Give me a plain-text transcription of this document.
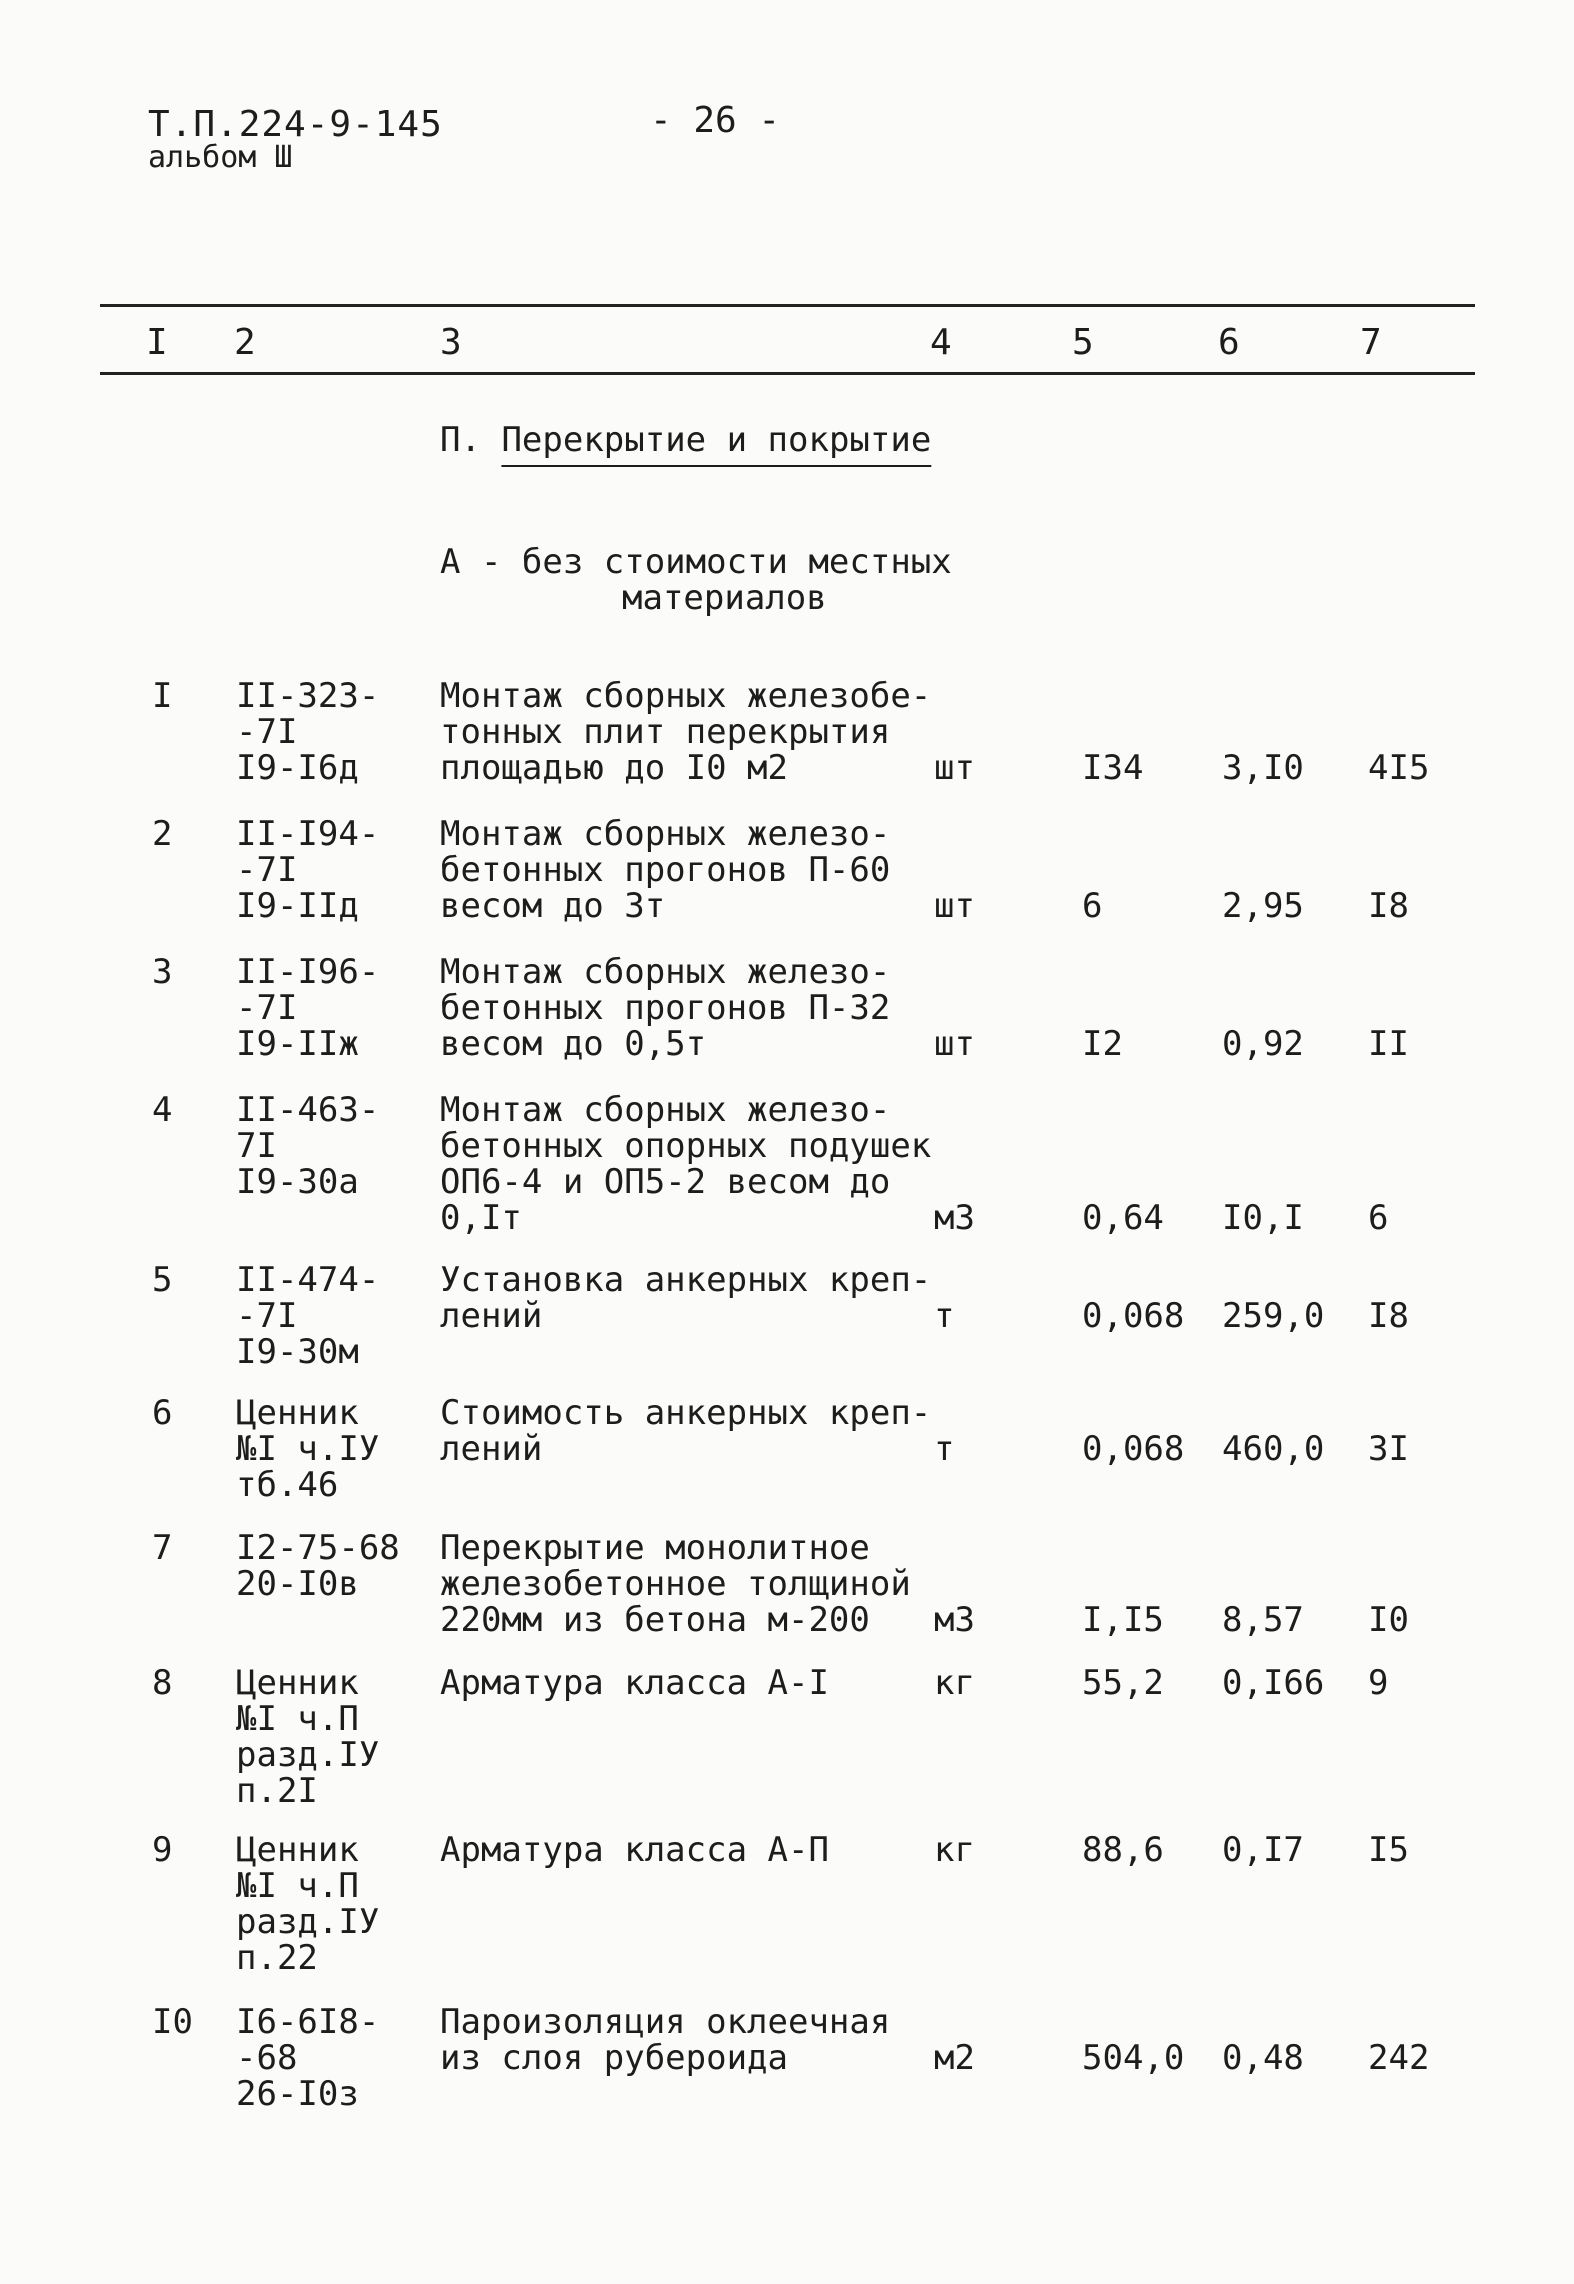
Т.П.224-9-145
альбом Ш
- 26 -
I 2	3	4	5	6	7
П. Перекрытие и покрытие
А - без стоимости местных
материалов
I II-323-
-7I
I9-I6д
Монтаж сборных железобе-
тонных плит перекрытия
площадью до I0 м2	шт	I34 3,I0 4I5
2 II-I94-
-7I
I9-IIд
Монтаж сборных железо-
бетонных прогонов П-60
весом до 3т	шт	6	2,95 I8
3 II-I96-
-7I
I9-IIж
Монтаж сборных железо-
бетонных прогонов П-32
весом до 0,5т	шт	I2	0,92 II
4 II-463-
7I
I9-30а
Монтаж сборных железо-
бетонных опорных подушек
ОП6-4 и ОП5-2 весом до
0,Iт	м3	0,64 I0,I 6
5 II-474-
-7I
I9-30м
Установка анкерных креп-
лений	т	0,068 259,0 I8
6 Ценник
№I ч.IУ
тб.46
Стоимость анкерных креп-
лений	т	0,068 460,0 3I
7 I2-75-68
20-I0в
Перекрытие монолитное
железобетонное толщиной
220мм из бетона м-200	м3	I,I5 8,57 I0
8 Ценник
№I ч.П
разд.IУ
п.2I
Арматура класса А-I	кг	55,2 0,I66 9
9 Ценник
№I ч.П
разд.IУ
п.22
Арматура класса А-П	кг	88,6 0,I7 I5
I0 I6-6I8-
-68
26-I0з
Пароизоляция оклеечная
из слоя рубероида	м2	504,0 0,48 242
